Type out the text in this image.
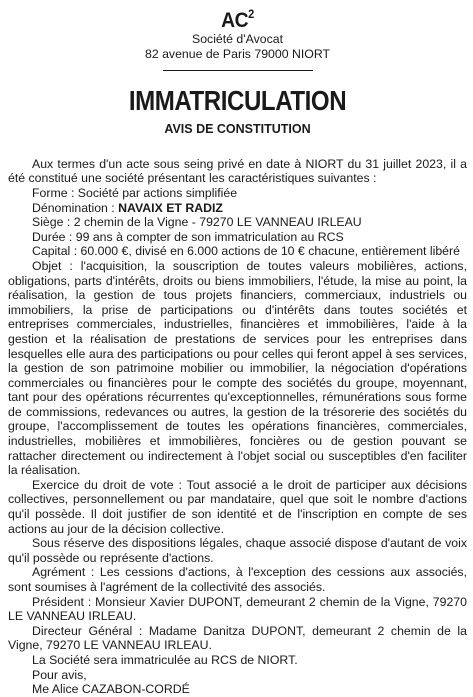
$AC^2$
Société d'Avocat
82 avenue de Paris 79000 NIORT
IMMATRICULATION
AVIS DE CONSTITUTION

Aux termes d'un acte sous seing privé en date à NIORT du 31 juillet 2023, il a été constitué une société présentant les caractéristiques suivantes :

Forme : Société par actions simplifiée

Dénomination : NAVAIX ET RADIZ

Siège : 2 chemin de la Vigne - 79270 LE VANNEAU IRLEAU

Durée : 99 ans à compter de son immatriculation au RCS

Capital : 60.000 €, divisé en 6.000 actions de 10 € chacune, entièrement libéré

Objet : l'acquisition, la souscription de toutes valeurs mobilières, actions, obligations, parts d'intérêts, droits ou biens immobiliers, l'étude, la mise au point, la réalisation, la gestion de tous projets financiers, commerciaux, industriels ou immobiliers, la prise de participations ou d'intérêts dans toutes sociétés et entreprises commerciales, industrielles, financières et immobilières, l'aide à la gestion et la réalisation de prestations de services pour les entreprises dans lesquelles elle aura des participations ou pour celles qui feront appel à ses services, la gestion de son patrimoine mobilier ou immobilier, la négociation d'opérations commerciales ou financières pour le compte des sociétés du groupe, moyennant, tant pour des opérations récurrentes qu'exceptionnelles, rémunérations sous forme de commissions, redevances ou autres, la gestion de la trésorerie des sociétés du groupe, l'accomplissement de toutes les opérations financières, commerciales, industrielles, mobilières et immobilières, foncières ou de gestion pouvant se rattacher directement ou indirectement à l'objet social ou susceptibles d'en faciliter la réalisation.

Exercice du droit de vote : Tout associé a le droit de participer aux décisions collectives, personnellement ou par mandataire, quel que soit le nombre d'actions qu'il possède. Il doit justifier de son identité et de l'inscription en compte de ses actions au jour de la décision collective.

Sous réserve des dispositions légales, chaque associé dispose d'autant de voix qu'il possède ou représente d'actions.

Agrément : Les cessions d'actions, à l'exception des cessions aux associés, sont soumises à l'agrément de la collectivité des associés.

Président : Monsieur Xavier DUPONT, demeurant 2 chemin de la Vigne, 79270 LE VANNEAU IRLEAU.

Directeur Général : Madame Danitza DUPONT, demeurant 2 chemin de la Vigne, 79270 LE VANNEAU IRLEAU.

La Société sera immatriculée au RCS de NIORT.

Pour avis,

Me Alice CAZABON-CORDÉ
